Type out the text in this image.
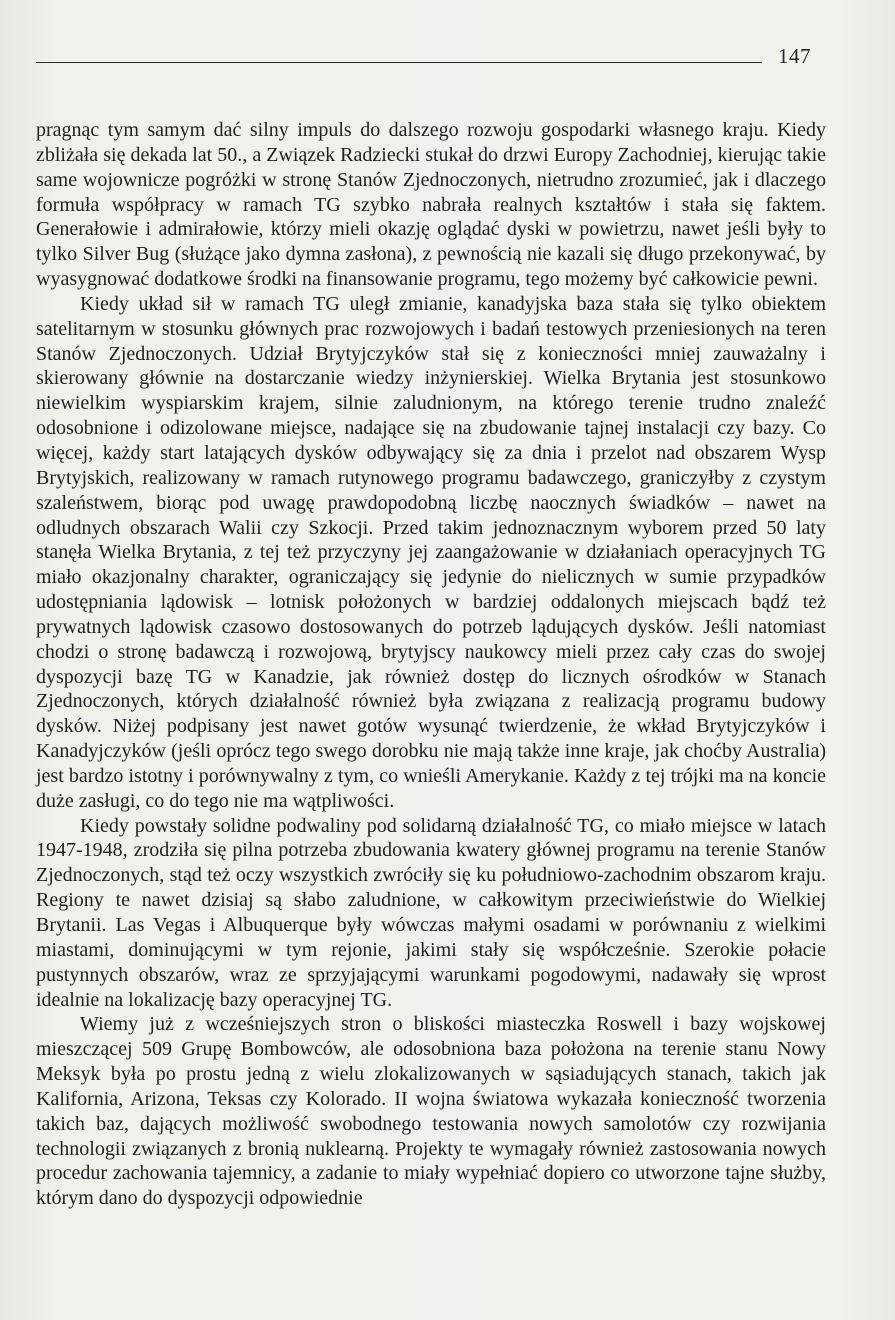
147

pragnąc tym samym dać silny impuls do dalszego rozwoju gospodarki własnego kraju. Kiedy zbliżała się dekada lat 50., a Związek Radziecki stukał do drzwi Europy Zachodniej, kierując takie same wojownicze pogróżki w stronę Stanów Zjednoczonych, nietrudno zrozumieć, jak i dlaczego formuła współpracy w ramach TG szybko nabrała realnych kształtów i stała się faktem. Generałowie i admirałowie, którzy mieli okazję oglądać dyski w powietrzu, nawet jeśli były to tylko Silver Bug (służące jako dymna zasłona), z pewnością nie kazali się długo przekonywać, by wyasygnować dodatkowe środki na finansowanie programu, tego możemy być całkowicie pewni.

Kiedy układ sił w ramach TG uległ zmianie, kanadyjska baza stała się tylko obiektem satelitarnym w stosunku głównych prac rozwojowych i badań testowych przeniesionych na teren Stanów Zjednoczonych. Udział Brytyjczyków stał się z konieczności mniej zauważalny i skierowany głównie na dostarczanie wiedzy inżynierskiej. Wielka Brytania jest stosunkowo niewielkim wyspiarskim krajem, silnie zaludnionym, na którego terenie trudno znaleźć odosobnione i odizolowane miejsce, nadające się na zbudowanie tajnej instalacji czy bazy. Co więcej, każdy start latających dysków odbywający się za dnia i przelot nad obszarem Wysp Brytyjskich, realizowany w ramach rutynowego programu badawczego, graniczyłby z czystym szaleństwem, biorąc pod uwagę prawdopodobną liczbę naocznych świadków – nawet na odludnych obszarach Walii czy Szkocji. Przed takim jednoznacznym wyborem przed 50 laty stanęła Wielka Brytania, z tej też przyczyny jej zaangażowanie w działaniach operacyjnych TG miało okazjonalny charakter, ograniczający się jedynie do nielicznych w sumie przypadków udostępniania lądowisk – lotnisk położonych w bardziej oddalonych miejscach bądź też prywatnych lądowisk czasowo dostosowanych do potrzeb lądujących dysków. Jeśli natomiast chodzi o stronę badawczą i rozwojową, brytyjscy naukowcy mieli przez cały czas do swojej dyspozycji bazę TG w Kanadzie, jak również dostęp do licznych ośrodków w Stanach Zjednoczonych, których działalność również była związana z realizacją programu budowy dysków. Niżej podpisany jest nawet gotów wysunąć twierdzenie, że wkład Brytyjczyków i Kanadyjczyków (jeśli oprócz tego swego dorobku nie mają także inne kraje, jak choćby Australia) jest bardzo istotny i porównywalny z tym, co wnieśli Amerykanie. Każdy z tej trójki ma na koncie duże zasługi, co do tego nie ma wątpliwości.

Kiedy powstały solidne podwaliny pod solidarną działalność TG, co miało miejsce w latach 1947-1948, zrodziła się pilna potrzeba zbudowania kwatery głównej programu na terenie Stanów Zjednoczonych, stąd też oczy wszystkich zwróciły się ku południowo-zachodnim obszarom kraju. Regiony te nawet dzisiaj są słabo zaludnione, w całkowitym przeciwieństwie do Wielkiej Brytanii. Las Vegas i Albuquerque były wówczas małymi osadami w porównaniu z wielkimi miastami, dominującymi w tym rejonie, jakimi stały się współcześnie. Szerokie połacie pustynnych obszarów, wraz ze sprzyjającymi warunkami pogodowymi, nadawały się wprost idealnie na lokalizację bazy operacyjnej TG.

Wiemy już z wcześniejszych stron o bliskości miasteczka Roswell i bazy wojskowej mieszczącej 509 Grupę Bombowców, ale odosobniona baza położona na terenie stanu Nowy Meksyk była po prostu jedną z wielu zlokalizowanych w sąsiadujących stanach, takich jak Kalifornia, Arizona, Teksas czy Kolorado. II wojna światowa wykazała konieczność tworzenia takich baz, dających możliwość swobodnego testowania nowych samolotów czy rozwijania technologii związanych z bronią nuklearną. Projekty te wymagały również zastosowania nowych procedur zachowania tajemnicy, a zadanie to miały wypełniać dopiero co utworzone tajne służby, którym dano do dyspozycji odpowiednie
